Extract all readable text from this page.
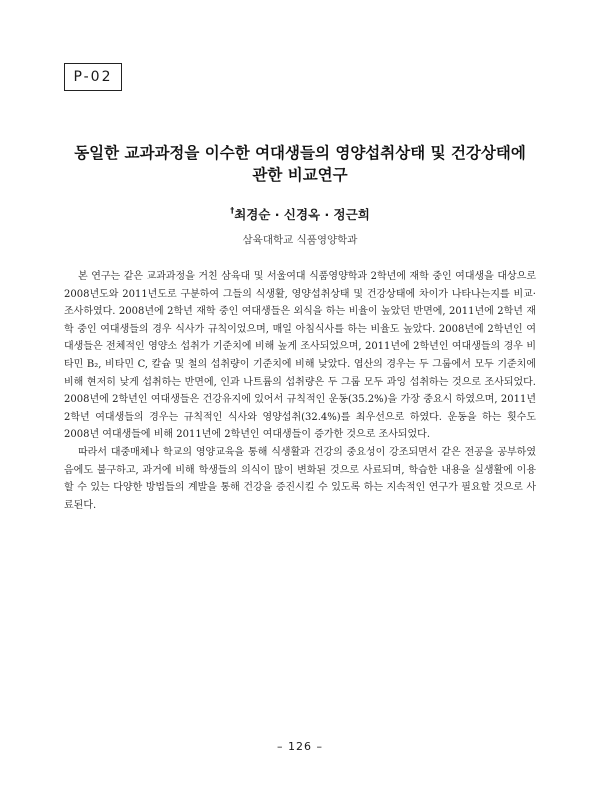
P-02
동일한 교과과정을 이수한 여대생들의 영양섭취상태 및 건강상태에
관한 비교연구
†최경순 · 신경옥 · 정근희
삼육대학교 식품영양학과

본 연구는 같은 교과과정을 거친 삼육대 및 서울여대 식품영양학과 2학년에 재학 중인 여대생을 대상으로 2008년도와 2011년도로 구분하여 그들의 식생활, 영양섭취상태 및 건강상태에 차이가 나타나는지를 비교·조사하였다. 2008년에 2학년 재학 중인 여대생들은 외식을 하는 비율이 높았던 반면에, 2011년에 2학년 재학 중인 여대생들의 경우 식사가 규칙이었으며, 매일 아침식사를 하는 비율도 높았다. 2008년에 2학년인 여대생들은 전체적인 영양소 섭취가 기준치에 비해 높게 조사되었으며, 2011년에 2학년인 여대생들의 경우 비타민 B₂, 비타민 C, 칼슘 및 철의 섭취량이 기준치에 비해 낮았다. 엽산의 경우는 두 그룹에서 모두 기준치에 비해 현저히 낮게 섭취하는 반면에, 인과 나트륨의 섭취량은 두 그룹 모두 과잉 섭취하는 것으로 조사되었다. 2008년에 2학년인 여대생들은 건강유지에 있어서 규칙적인 운동(35.2%)을 가장 중요시 하였으며, 2011년 2학년 여대생들의 경우는 규칙적인 식사와 영양섭취(32.4%)를 최우선으로 하였다. 운동을 하는 횟수도 2008년 여대생들에 비해 2011년에 2학년인 여대생들이 증가한 것으로 조사되었다.

따라서 대중매체나 학교의 영양교육을 통해 식생활과 건강의 중요성이 강조되면서 같은 전공을 공부하였음에도 불구하고, 과거에 비해 학생들의 의식이 많이 변화된 것으로 사료되며, 학습한 내용을 실생활에 이용할 수 있는 다양한 방법들의 계발을 통해 건강을 증진시킬 수 있도록 하는 지속적인 연구가 필요할 것으로 사료된다.

– 126 –
